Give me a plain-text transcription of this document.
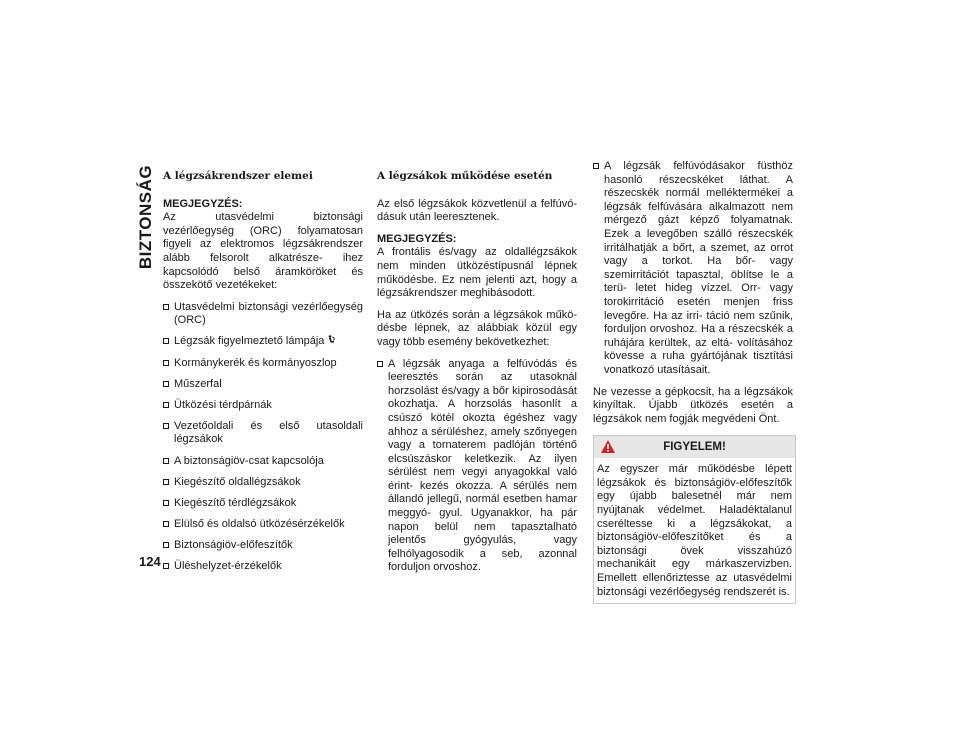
BIZTONSÁG
124
A légzsákrendszer elemei
MEGJEGYZÉS:

Az utasvédelmi biztonsági vezérlőegység (ORC) folyamatosan figyeli az elektromos légzsákrendszer alább felsorolt alkatrésze- ihez kapcsolódó belső áramköröket és összekötő vezetékeket:

Utasvédelmi biztonsági vezérlőegység (ORC)
Légzsák figyelmeztető lámpája
Kormánykerék és kormányoszlop
Műszerfal
Ütközési térdpárnák
Vezetőoldali és első utasoldali légzsákok
A biztonságiöv-csat kapcsolója
Kiegészítő oldallégzsákok
Kiegészítő térdlégzsákok
Elülső és oldalsó ütközésérzékelők
Biztonságiöv-előfeszítők
Üléshelyzet-érzékelők
A légzsákok működése esetén

Az első légzsákok közvetlenül a felfúvó- dásuk után leeresztenek.

MEGJEGYZÉS:

A frontális és/vagy az oldallégzsákok nem minden ütközéstípusnál lépnek működésbe. Ez nem jelenti azt, hogy a légzsákrendszer meghibásodott.

Ha az ütközés során a légzsákok műkö- désbe lépnek, az alábbiak közül egy vagy több esemény bekövetkezhet:

A légzsák anyaga a felfúvódás és leeresztés során az utasoknál horzsolást és/vagy a bőr kipirosodását okozhatja. A horzsolás hasonlít a csúszó kötél okozta égéshez vagy ahhoz a sérüléshez, amely szőnyegen vagy a tornaterem padlóján történő elcsúszáskor keletkezik. Az ilyen sérülést nem vegyi anyagokkal való érint- kezés okozza. A sérülés nem állandó jellegű, normál esetben hamar meggyó- gyul. Ugyanakkor, ha pár napon belül nem tapasztalható jelentős gyógyulás, vagy felhólyagosodik a seb, azonnal forduljon orvoshoz.
A légzsák felfúvódásakor füsthöz hasonló részecskéket láthat. A részecskék normál melléktermékei a légzsák felfúvására alkalmazott nem mérgező gázt képző folyamatnak. Ezek a levegőben szálló részecskék irritálhatják a bőrt, a szemet, az orrot vagy a torkot. Ha bőr- vagy szemirritációt tapasztal, öblítse le a terü- letet hideg vízzel. Orr- vagy torokirritáció esetén menjen friss levegőre. Ha az irri- táció nem szűnik, forduljon orvoshoz. Ha a részecskék a ruhájára kerültek, az eltá- volításához kövesse a ruha gyártójának tisztítási vonatkozó utasításait.

Ne vezesse a gépkocsit, ha a légzsákok kinyíltak. Újabb ütközés esetén a légzsákok nem fogják megvédeni Önt.

FIGYELEM!
Az egyszer már működésbe lépett légzsákok és biztonságiöv-előfeszítők egy újabb balesetnél már nem nyújtanak védelmet. Haladéktalanul cseréltesse ki a légzsákokat, a biztonságiöv-előfeszítőket és a biztonsági övek visszahúzó mechanikáit egy márkaszervizben. Emellett ellenőriztesse az utasvédelmi biztonsági vezérlőegység rendszerét is.
